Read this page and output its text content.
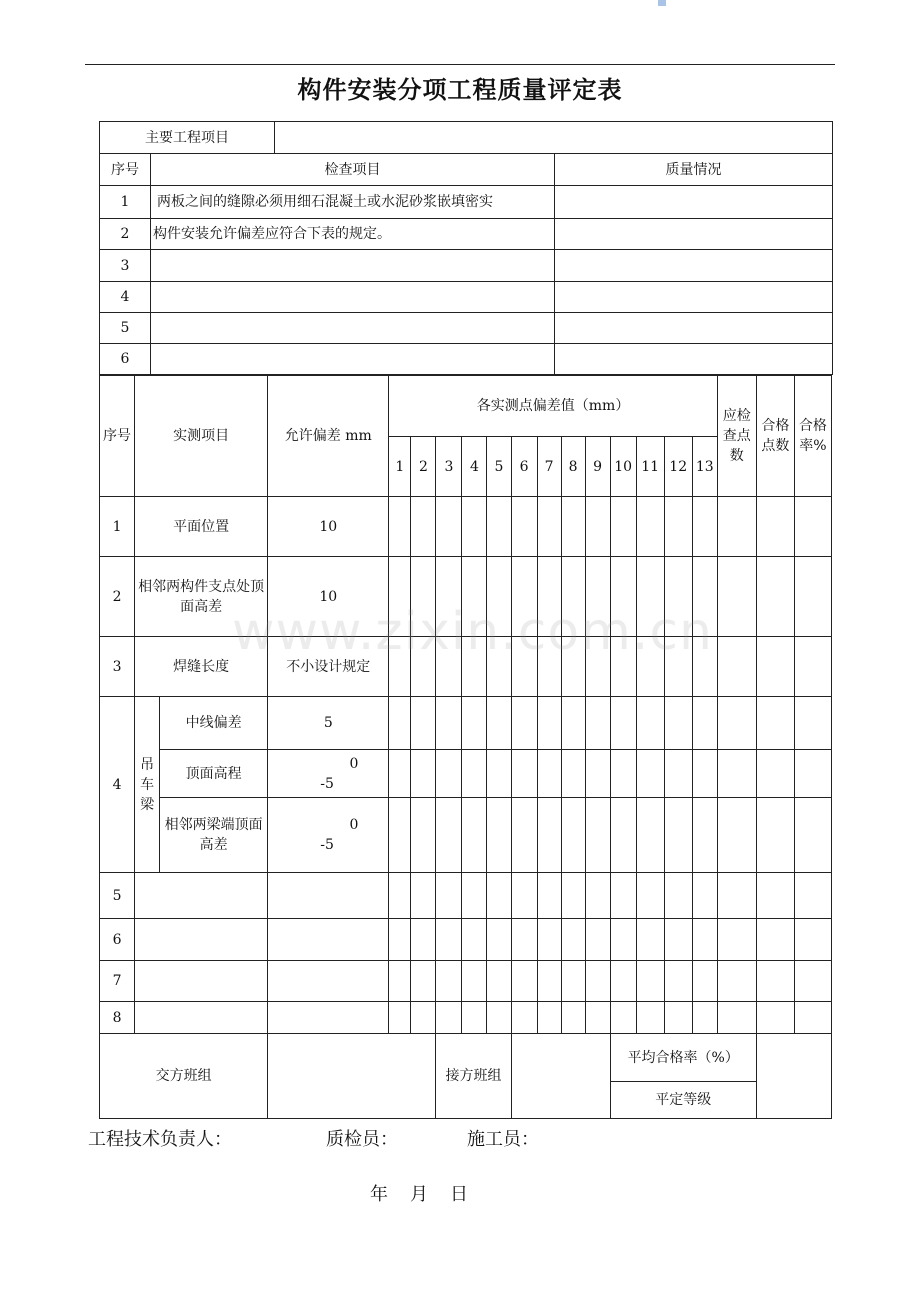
构件安装分项工程质量评定表
主要工程项目			
序号	检查项目		质量情况
1	两板之间的缝隙必须用细石混凝土或水泥砂浆嵌填密实		
2	构件安装允许偏差应符合下表的规定。		
3			
4			
5			
6			
序号	实测项目		允许偏差 mm	各实测点偏差值（mm）													应检查点数	合格点数	合格率%
				1	2	3	4	5	6	7	8	9	10	11	12	13			
1	平面位置		10																
2	相邻两构件支点处顶面高差		10																
3	焊缝长度		不小设计规定																
4	吊车梁	中线偏差	5																
		顶面高程	0
-5																

		相邻两梁端顶面高差	0
-5																

5																			
6																			
7																			
8																			
交方班组						接方班组							平均合格率（%）						
													平定等级						
www.zixin.com.cn
工程技术负责人：	质检员：	施工员：
年 月 日
